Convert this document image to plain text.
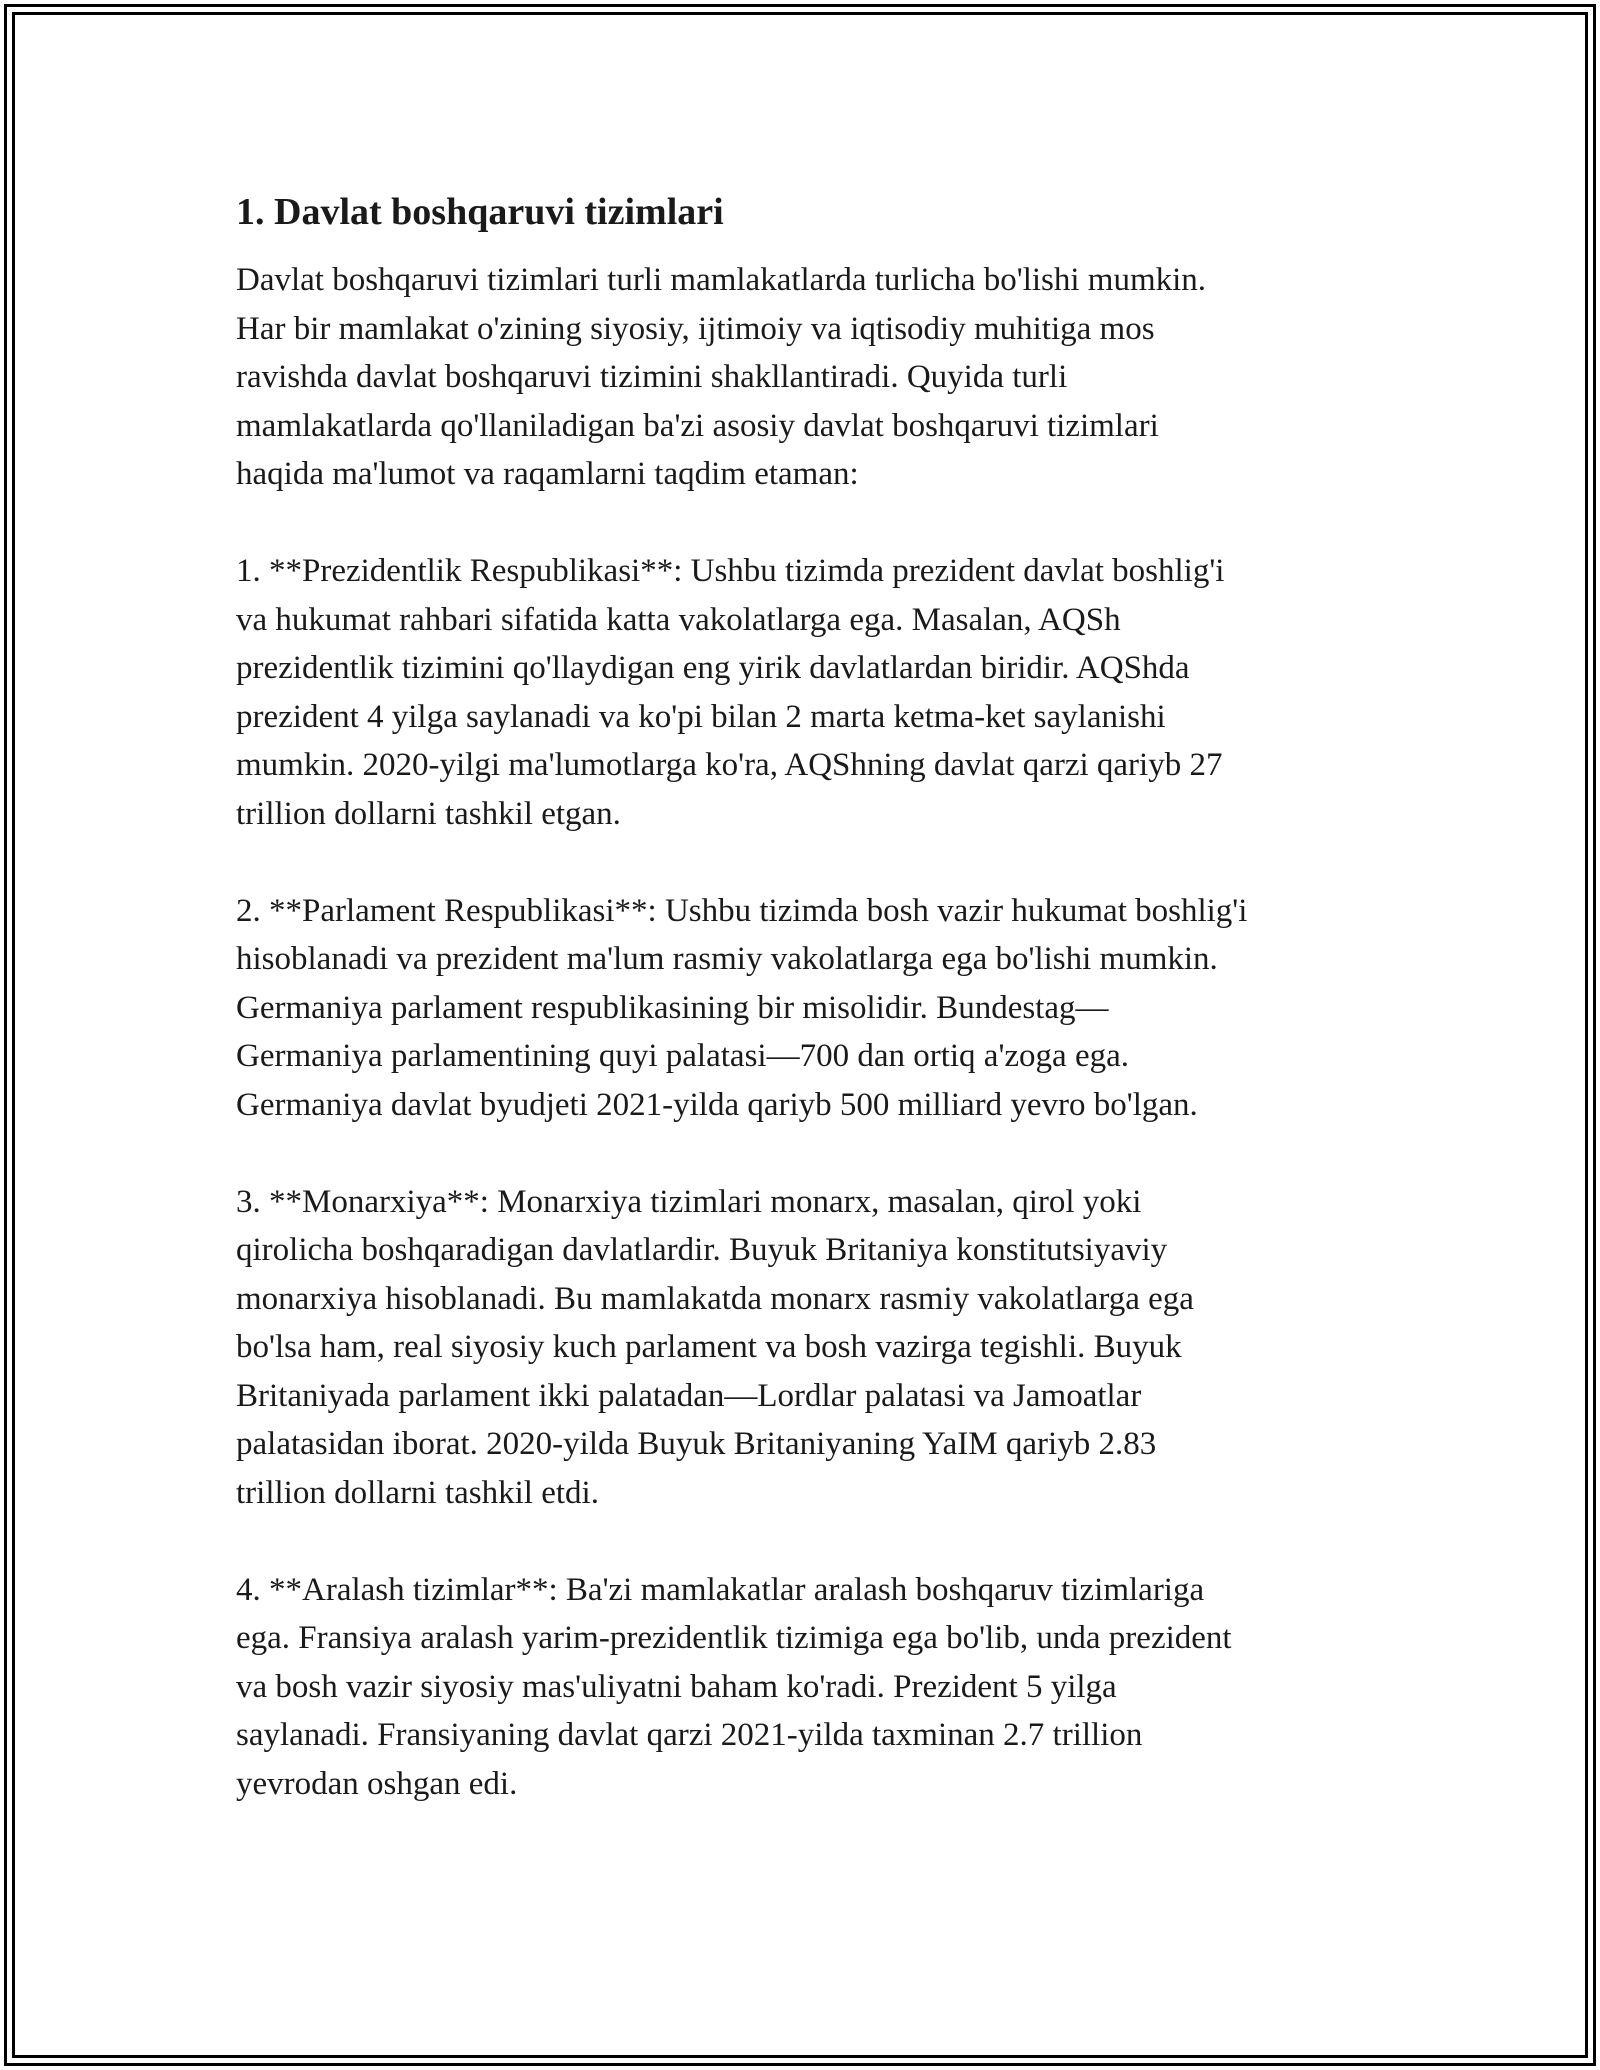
1. Davlat boshqaruvi tizimlari

Davlat boshqaruvi tizimlari turli mamlakatlarda turlicha bo'lishi mumkin.
Har bir mamlakat o'zining siyosiy, ijtimoiy va iqtisodiy muhitiga mos
ravishda davlat boshqaruvi tizimini shakllantiradi. Quyida turli
mamlakatlarda qo'llaniladigan ba'zi asosiy davlat boshqaruvi tizimlari
haqida ma'lumot va raqamlarni taqdim etaman:

1. **Prezidentlik Respublikasi**: Ushbu tizimda prezident davlat boshlig'i
va hukumat rahbari sifatida katta vakolatlarga ega. Masalan, AQSh
prezidentlik tizimini qo'llaydigan eng yirik davlatlardan biridir. AQShda
prezident 4 yilga saylanadi va ko'pi bilan 2 marta ketma-ket saylanishi
mumkin. 2020-yilgi ma'lumotlarga ko'ra, AQShning davlat qarzi qariyb 27
trillion dollarni tashkil etgan.

2. **Parlament Respublikasi**: Ushbu tizimda bosh vazir hukumat boshlig'i
hisoblanadi va prezident ma'lum rasmiy vakolatlarga ega bo'lishi mumkin.
Germaniya parlament respublikasining bir misolidir. Bundestag—
Germaniya parlamentining quyi palatasi—700 dan ortiq a'zoga ega.
Germaniya davlat byudjeti 2021-yilda qariyb 500 milliard yevro bo'lgan.

3. **Monarxiya**: Monarxiya tizimlari monarx, masalan, qirol yoki
qirolicha boshqaradigan davlatlardir. Buyuk Britaniya konstitutsiyaviy
monarxiya hisoblanadi. Bu mamlakatda monarx rasmiy vakolatlarga ega
bo'lsa ham, real siyosiy kuch parlament va bosh vazirga tegishli. Buyuk
Britaniyada parlament ikki palatadan—Lordlar palatasi va Jamoatlar
palatasidan iborat. 2020-yilda Buyuk Britaniyaning YaIM qariyb 2.83
trillion dollarni tashkil etdi.

4. **Aralash tizimlar**: Ba'zi mamlakatlar aralash boshqaruv tizimlariga
ega. Fransiya aralash yarim-prezidentlik tizimiga ega bo'lib, unda prezident
va bosh vazir siyosiy mas'uliyatni baham ko'radi. Prezident 5 yilga
saylanadi. Fransiyaning davlat qarzi 2021-yilda taxminan 2.7 trillion
yevrodan oshgan edi.
